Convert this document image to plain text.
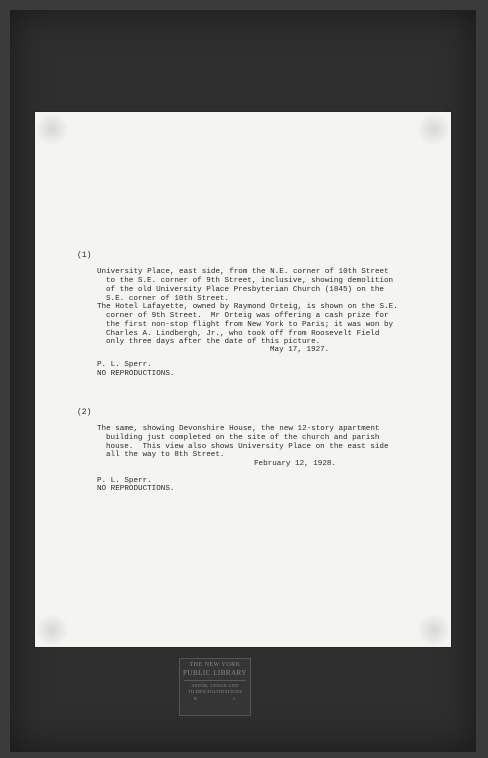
(1)
University Place, east side, from the N.E. corner of 10th Street
to the S.E. corner of 9th Street, inclusive, showing demolition
of the old University Place Presbyterian Church (1845) on the
S.E. corner of 10th Street.
The Hotel Lafayette, owned by Raymond Orteig, is shown on the S.E.
corner of 9th Street.  Mr Orteig was offering a cash prize for
the first non-stop flight from New York to Paris; it was won by
Charles A. Lindbergh, Jr., who took off from Roosevelt Field
only three days after the date of this picture.
May 17, 1927.
P. L. Sperr.
NO REPRODUCTIONS.
(2)
The same, showing Devonshire House, the new 12-story apartment
building just completed on the site of the church and parish
house.  This view also shows University Place on the east side
all the way to 8th Street.
February 12, 1928.
P. L. Sperr.
NO REPRODUCTIONS.
THE NEW YORK
PUBLIC LIBRARY
ASTOR, LENOX AND
TILDEN FOUNDATIONS
R	L
